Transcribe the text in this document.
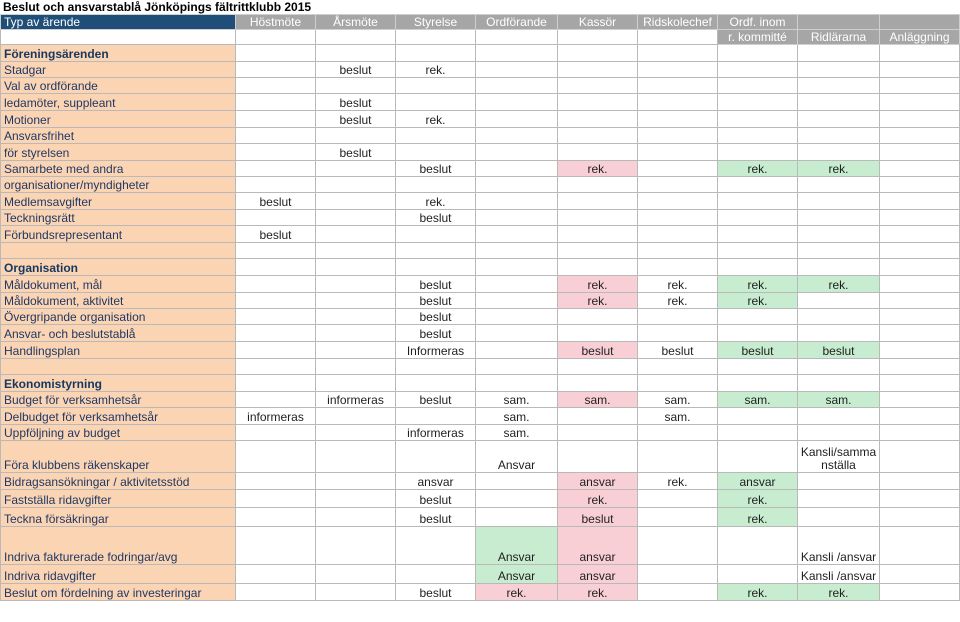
Beslut och ansvarstablå Jönköpings fältrittklubb 2015
Typ av ärende	Höstmöte	Årsmöte	Styrelse	Ordförande	Kassör	Ridskolechef	Ordf. inom			
							r. kommitté	Ridlärarna	Anläggning	
Föreningsärenden										
Stadgar		beslut	rek.							
Val av ordförande										
ledamöter, suppleant		beslut								
Motioner		beslut	rek.							
Ansvarsfrihet										
för styrelsen		beslut								
Samarbete med andra			beslut		rek.		rek.	rek.		
organisationer/myndigheter										
Medlemsavgifter	beslut		rek.							
Teckningsrätt			beslut							
Förbundsrepresentant	beslut									

Organisation										
Måldokument, mål			beslut		rek.	rek.	rek.	rek.		
Måldokument, aktivitet			beslut		rek.	rek.	rek.			
Övergripande organisation			beslut							
Ansvar- och beslutstablå			beslut							
Handlingsplan			Informeras		beslut	beslut	beslut	beslut		

Ekonomistyrning										
Budget för verksamhetsår		informeras	beslut	sam.	sam.	sam.	sam.	sam.		
Delbudget för verksamhetsår	informeras			sam.		sam.				
Uppföljning av budget			informeras	sam.						
Föra klubbens räkenskaper				Ansvar				Kansli/samma nställa		
Bidragsansökningar / aktivitetsstöd			ansvar		ansvar	rek.	ansvar			
Fastställa ridavgifter			beslut		rek.		rek.			
Teckna försäkringar			beslut		beslut		rek.			
Indriva fakturerade fodringar/avg				Ansvar	ansvar			Kansli /ansvar		
Indriva ridavgifter				Ansvar	ansvar			Kansli /ansvar		
Beslut om fördelning av investeringar			beslut	rek.	rek.		rek.	rek.		
